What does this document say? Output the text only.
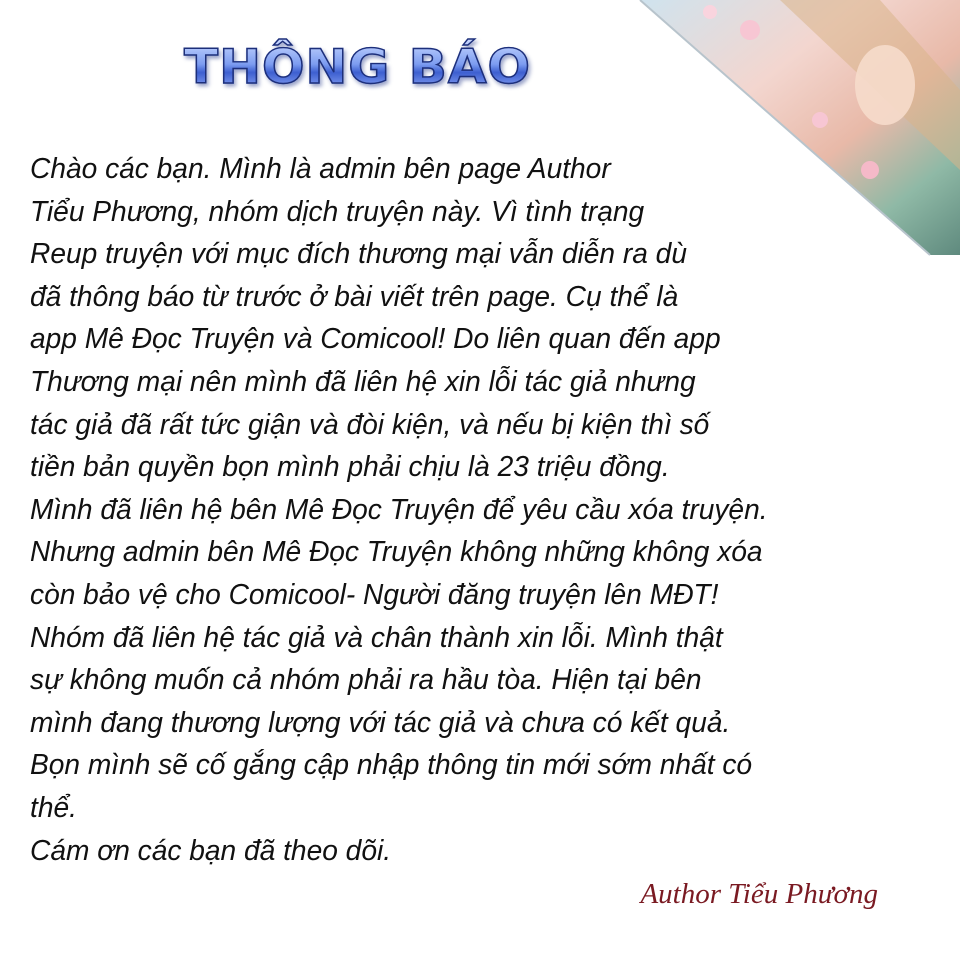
THÔNG BÁO
Chào các bạn. Mình là admin bên page Author
Tiểu Phương, nhóm dịch truyện này. Vì tình trạng
Reup truyện với mục đích thương mại vẫn diễn ra dù
đã thông báo từ trước ở bài viết trên page. Cụ thể là
app Mê Đọc Truyện và Comicool! Do liên quan đến app
Thương mại nên mình đã liên hệ xin lỗi tác giả nhưng
tác giả đã rất tức giận và đòi kiện, và nếu bị kiện thì số
tiền bản quyền bọn mình phải chịu là 23 triệu đồng.
Mình đã liên hệ bên Mê Đọc Truyện để yêu cầu xóa truyện.
Nhưng admin bên Mê Đọc Truyện không những không xóa
còn bảo vệ cho Comicool- Người đăng truyện lên MĐT!
Nhóm đã liên hệ tác giả và chân thành xin lỗi. Mình thật
sự không muốn cả nhóm phải ra hầu tòa. Hiện tại bên
mình đang thương lượng với tác giả và chưa có kết quả.
Bọn mình sẽ cố gắng cập nhập thông tin mới sớm nhất có
thể.
Cám ơn các bạn đã theo dõi.
Author Tiểu Phương
